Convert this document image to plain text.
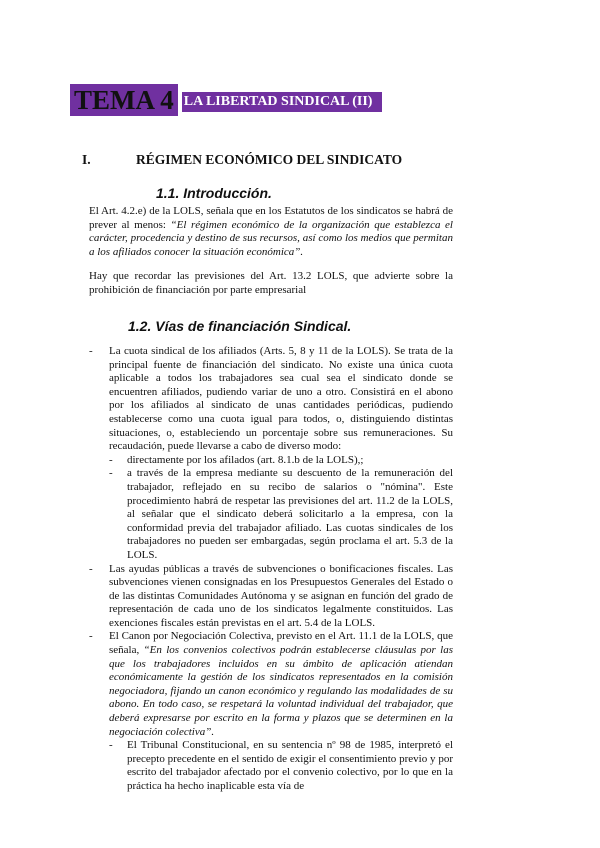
TEMA 4 LA LIBERTAD SINDICAL (II)
I.	RÉGIMEN ECONÓMICO DEL SINDICATO
1.1. Introducción.
El Art. 4.2.e) de la LOLS, señala que en los Estatutos de los sindicatos se habrá de prever al menos: “El régimen económico de la organización que establezca el carácter, procedencia y destino de sus recursos, así como los medios que permitan a los afiliados conocer la situación económica”.
Hay que recordar las previsiones del Art. 13.2 LOLS, que advierte sobre la prohibición de financiación por parte empresarial
1.2. Vías de financiación Sindical.
- La cuota sindical de los afiliados (Arts. 5, 8 y 11 de la LOLS). Se trata de la principal fuente de financiación del sindicato. No existe una única cuota aplicable a todos los trabajadores sea cual sea el sindicato donde se encuentren afiliados, pudiendo variar de uno a otro. Consistirá en el abono por los afiliados al sindicato de unas cantidades periódicas, pudiendo establecerse como una cuota igual para todos, o, distinguiendo distintas situaciones, o, estableciendo un porcentaje sobre sus remuneraciones. Su recaudación, puede llevarse a cabo de diverso modo:
- directamente por los afilados (art. 8.1.b de la LOLS),;
- a través de la empresa mediante su descuento de la remuneración del trabajador, reflejado en su recibo de salarios o "nómina". Este procedimiento habrá de respetar las previsiones del art. 11.2 de la LOLS, al señalar que el sindicato deberá solicitarlo a la empresa, con la conformidad previa del trabajador afiliado. Las cuotas sindicales de los trabajadores no pueden ser embargadas, según proclama el art. 5.3 de la LOLS.
- Las ayudas públicas a través de subvenciones o bonificaciones fiscales. Las subvenciones vienen consignadas en los Presupuestos Generales del Estado o de las distintas Comunidades Autónoma y se asignan en función del grado de representación de cada uno de los sindicatos legalmente constituidos. Las exenciones fiscales están previstas en el art. 5.4 de la LOLS.
- El Canon por Negociación Colectiva, previsto en el Art. 11.1 de la LOLS, que señala, “En los convenios colectivos podrán establecerse cláusulas por las que los trabajadores incluidos en su ámbito de aplicación atiendan económicamente la gestión de los sindicatos representados en la comisión negociadora, fijando un canon económico y regulando las modalidades de su abono. En todo caso, se respetará la voluntad individual del trabajador, que deberá expresarse por escrito en la forma y plazos que se determinen en la negociación colectiva”.
- El Tribunal Constitucional, en su sentencia nº 98 de 1985, interpretó el precepto precedente en el sentido de exigir el consentimiento previo y por escrito del trabajador afectado por el convenio colectivo, por lo que en la práctica ha hecho inaplicable esta vía de
